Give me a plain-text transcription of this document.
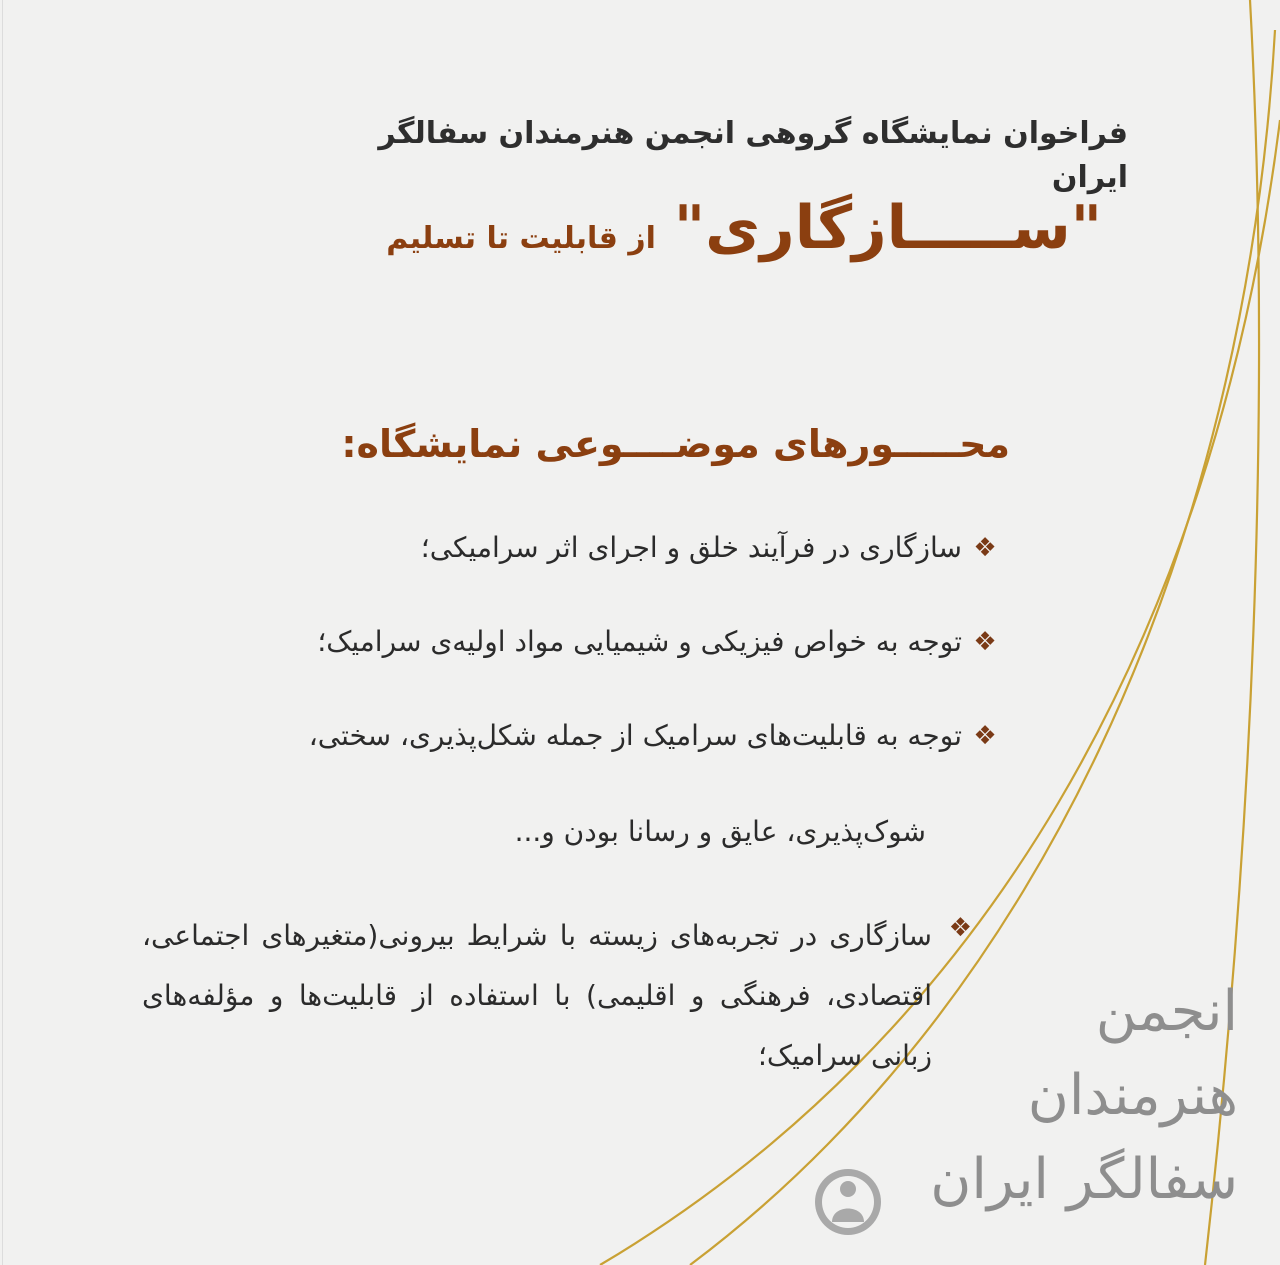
فراخوان نمایشگاه گروهی انجمن هنرمندان سفالگر ایران
"ســـــازگاری"از قابلیت تا تسلیم
محـــــورهای موضــــوعی نمایشگاه:
❖
سازگاری در فرآیند خلق و اجرای اثر سرامیکی؛
❖
توجه به خواص فیزیکی و شیمیایی مواد اولیه‌ی سرامیک؛
❖
توجه به قابلیت‌های سرامیک از جمله شکل‌پذیری، سختی،
شوک‌پذیری، عایق و رسانا بودن و...
❖
سازگاری در تجربه‌های زیسته با شرایط بیرونی(متغیرهای اجتماعی، اقتصادی، فرهنگی و اقلیمی) با استفاده از قابلیت‌ها و مؤلفه‌های زبانی سرامیک؛
انجمن
هنرمندان
سفالگر ایران
